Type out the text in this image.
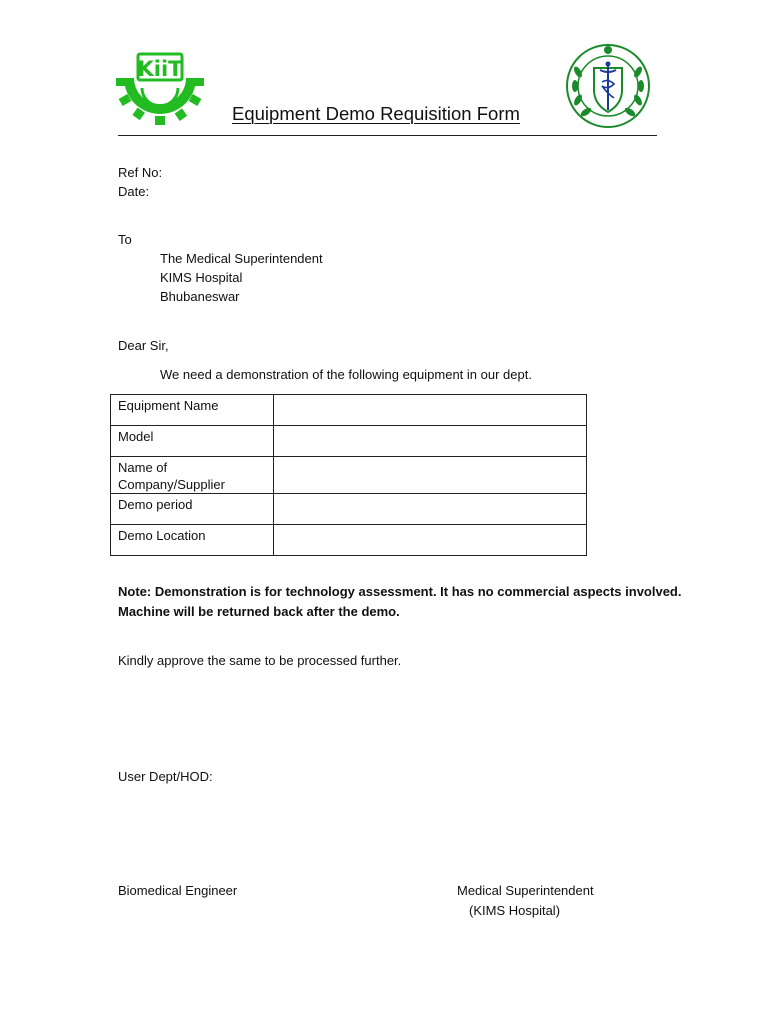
KiiT
Equipment Demo Requisition Form
Ref No:
Date:
To
The Medical Superintendent
KIMS Hospital
Bhubaneswar
Dear Sir,
We need a demonstration of the following equipment in our dept.
Equipment Name	
Model	
Name of Company/Supplier	
Demo period	
Demo Location	
Note: Demonstration is for technology assessment. It has no commercial aspects involved.
Machine will be returned back after the demo.
Kindly approve the same to be processed further.
User Dept/HOD:
Biomedical Engineer	Medical Superintendent
(KIMS Hospital)
